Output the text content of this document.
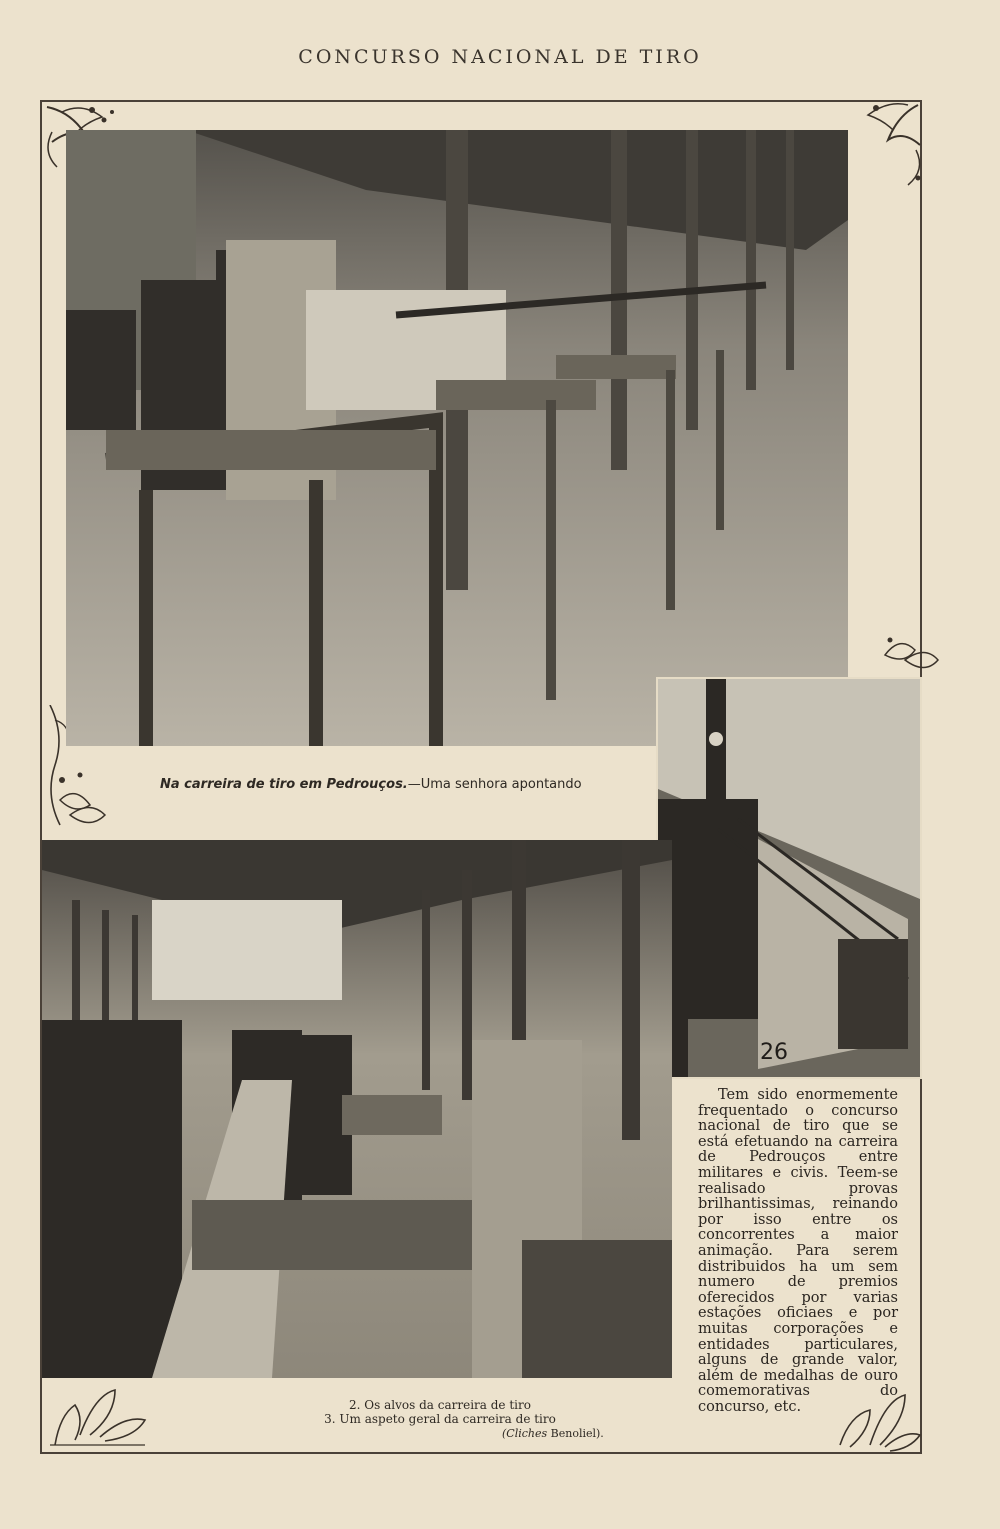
CONCURSO NACIONAL DE TIRO
Na carreira de tiro em Pedrouços.—Uma senhora apontando
26
2. Os alvos da carreira de tiro
3. Um aspeto geral da carreira de tiro
(Cliches Benoliel).

Tem sido enormemente frequentado o concurso nacional de tiro que se está efetuando na carreira de Pedrouços entre militares e civis. Teem-se realisado provas brilhantissimas, reinando por isso entre os concorrentes a maior animação. Para serem distribuidos ha um sem numero de premios oferecidos por varias estações oficiaes e por muitas corporações e entidades particulares, alguns de grande valor, além de medalhas de ouro comemorativas do concurso, etc.
